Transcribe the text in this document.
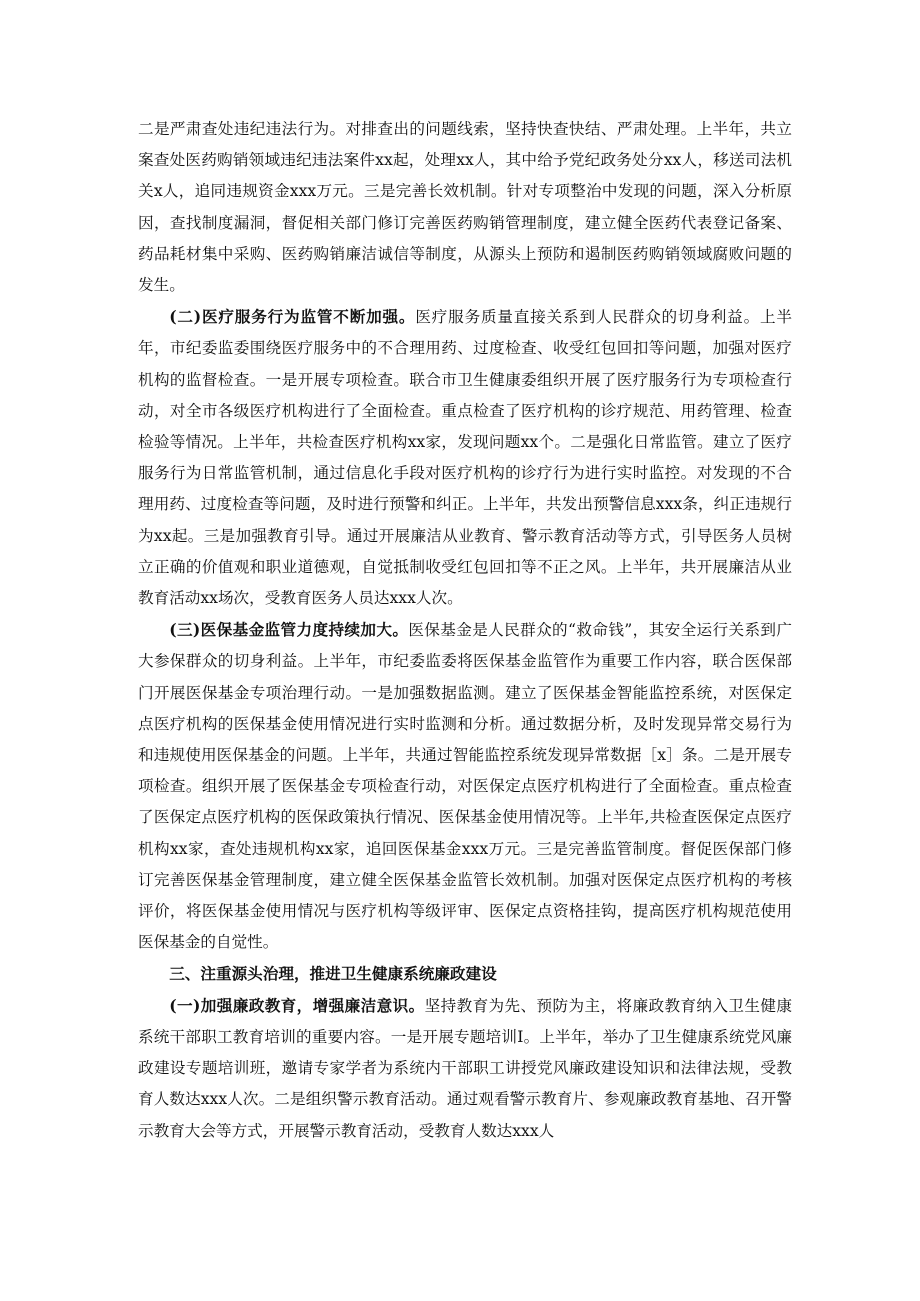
二是严肃查处违纪违法行为。对排查出的问题线索，坚持快查快结、严肃处理。上半年，共立案查处医药购销领域违纪违法案件xx起，处理xx人，其中给予党纪政务处分xx人，移送司法机关x人，追同违规资金xxx万元。三是完善长效机制。针对专项整治中发现的问题，深入分析原因，查找制度漏洞，督促相关部门修订完善医药购销管理制度，建立健全医药代表登记备案、药品耗材集中采购、医药购销廉洁诚信等制度，从源头上预防和遏制医药购销领域腐败问题的发生。

(二)医疗服务行为监管不断加强。医疗服务质量直接关系到人民群众的切身利益。上半年，市纪委监委围绕医疗服务中的不合理用药、过度检查、收受红包回扣等问题，加强对医疗机构的监督检查。一是开展专项检查。联合市卫生健康委组织开展了医疗服务行为专项检查行动，对全市各级医疗机构进行了全面检查。重点检查了医疗机构的诊疗规范、用药管理、检查检验等情况。上半年，共检查医疗机构xx家，发现问题xx个。二是强化日常监管。建立了医疗服务行为日常监管机制，通过信息化手段对医疗机构的诊疗行为进行实时监控。对发现的不合理用药、过度检查等问题，及时进行预警和纠正。上半年，共发出预警信息xxx条，纠正违规行为xx起。三是加强教育引导。通过开展廉洁从业教育、警示教育活动等方式，引导医务人员树立正确的价值观和职业道德观，自觉抵制收受红包回扣等不正之风。上半年，共开展廉洁从业教育活动xx场次，受教育医务人员达xxx人次。

(三)医保基金监管力度持续加大。医保基金是人民群众的“救命钱”，其安全运行关系到广大参保群众的切身利益。上半年，市纪委监委将医保基金监管作为重要工作内容，联合医保部门开展医保基金专项治理行动。一是加强数据监测。建立了医保基金智能监控系统，对医保定点医疗机构的医保基金使用情况进行实时监测和分析。通过数据分析，及时发现异常交易行为和违规使用医保基金的问题。上半年，共通过智能监控系统发现异常数据［x］条。二是开展专项检查。组织开展了医保基金专项检查行动，对医保定点医疗机构进行了全面检查。重点检查了医保定点医疗机构的医保政策执行情况、医保基金使用情况等。上半年,共检查医保定点医疗机构xx家，查处违规机构xx家，追回医保基金xxx万元。三是完善监管制度。督促医保部门修订完善医保基金管理制度，建立健全医保基金监管长效机制。加强对医保定点医疗机构的考核评价，将医保基金使用情况与医疗机构等级评审、医保定点资格挂钩，提高医疗机构规范使用医保基金的自觉性。

三、注重源头治理，推进卫生健康系统廉政建设

(一)加强廉政教育，增强廉洁意识。坚持教育为先、预防为主，将廉政教育纳入卫生健康系统干部职工教育培训的重要内容。一是开展专题培训I。上半年，举办了卫生健康系统党风廉政建设专题培训班，邀请专家学者为系统内干部职工讲授党风廉政建设知识和法律法规，受教育人数达xxx人次。二是组织警示教育活动。通过观看警示教育片、参观廉政教育基地、召开警示教育大会等方式，开展警示教育活动，受教育人数达xxx人
